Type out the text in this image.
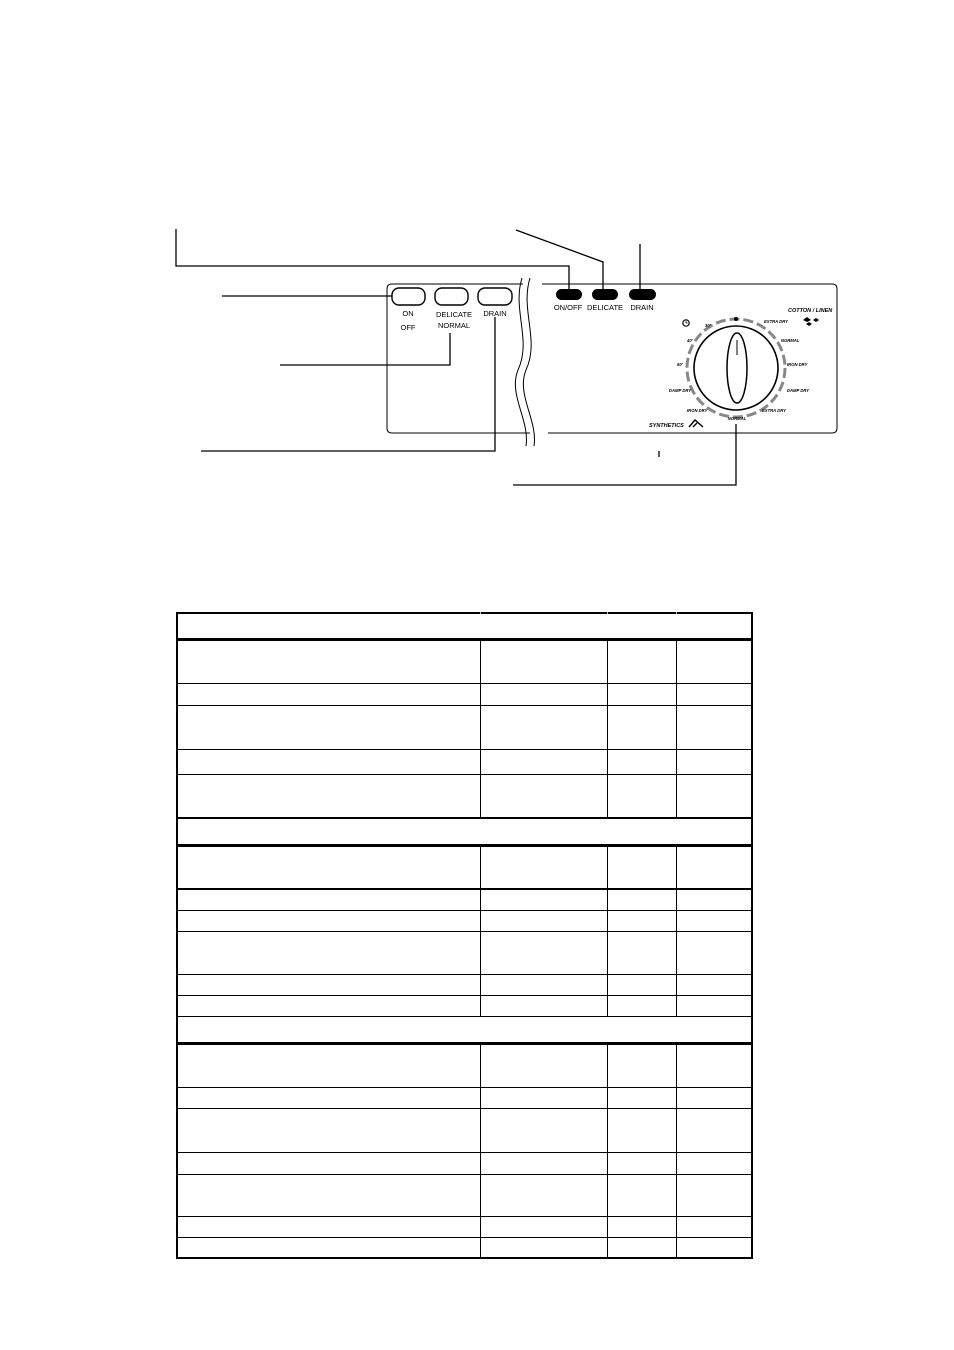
ON
OFF
DELICATE
NORMAL
DRAIN
ON/OFF DELICATE DRAIN
30'
40'
60'
DAMP DRY
IRON DRY
EXTRA DRY
NORMAL
IRON DRY
DAMP DRY
EXTRA DRY
NORMAL
COTTON / LINEN
SYNTHETICS
